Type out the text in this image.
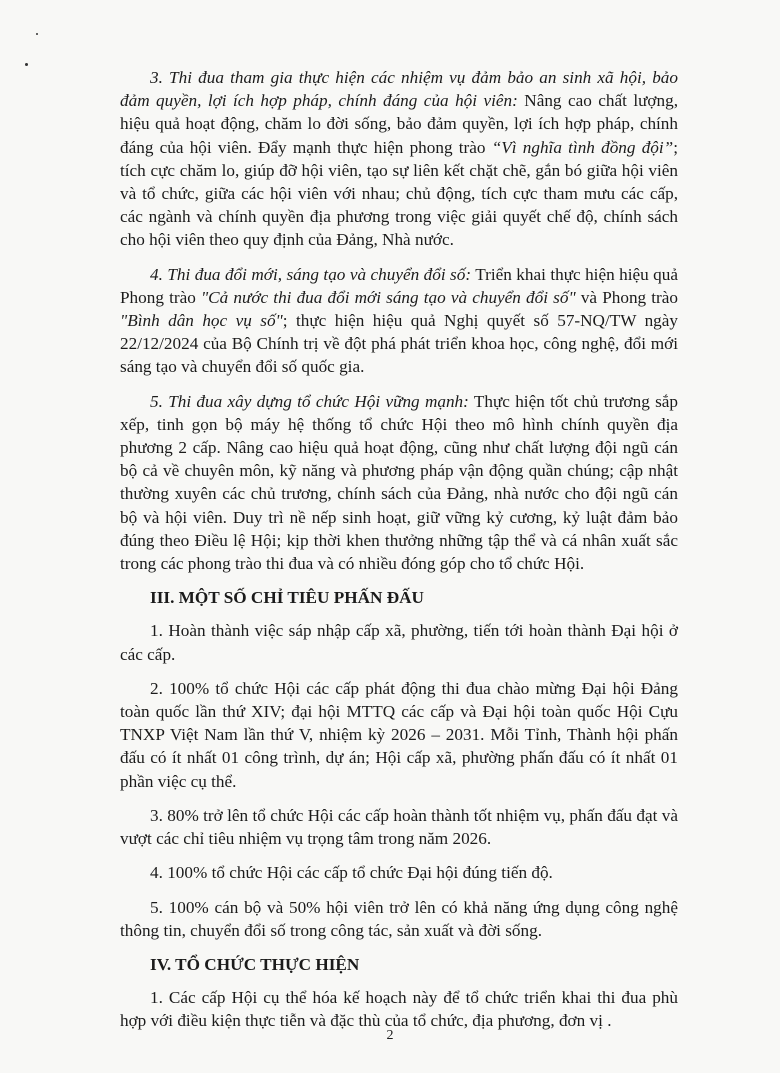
3. Thi đua tham gia thực hiện các nhiệm vụ đảm bảo an sinh xã hội, bảo đảm quyền, lợi ích hợp pháp, chính đáng của hội viên: Nâng cao chất lượng, hiệu quả hoạt động, chăm lo đời sống, bảo đảm quyền, lợi ích hợp pháp, chính đáng của hội viên. Đẩy mạnh thực hiện phong trào “Vì nghĩa tình đồng đội”; tích cực chăm lo, giúp đỡ hội viên, tạo sự liên kết chặt chẽ, gắn bó giữa hội viên và tổ chức, giữa các hội viên với nhau; chủ động, tích cực tham mưu các cấp, các ngành và chính quyền địa phương trong việc giải quyết chế độ, chính sách cho hội viên theo quy định của Đảng, Nhà nước.

4. Thi đua đổi mới, sáng tạo và chuyển đổi số: Triển khai thực hiện hiệu quả Phong trào "Cả nước thi đua đổi mới sáng tạo và chuyển đổi số" và Phong trào "Bình dân học vụ số"; thực hiện hiệu quả Nghị quyết số 57-NQ/TW ngày 22/12/2024 của Bộ Chính trị về đột phá phát triển khoa học, công nghệ, đổi mới sáng tạo và chuyển đổi số quốc gia.

5. Thi đua xây dựng tổ chức Hội vững mạnh: Thực hiện tốt chủ trương sắp xếp, tinh gọn bộ máy hệ thống tổ chức Hội theo mô hình chính quyền địa phương 2 cấp. Nâng cao hiệu quả hoạt động, cũng như chất lượng đội ngũ cán bộ cả về chuyên môn, kỹ năng và phương pháp vận động quần chúng; cập nhật thường xuyên các chủ trương, chính sách của Đảng, nhà nước cho đội ngũ cán bộ và hội viên. Duy trì nề nếp sinh hoạt, giữ vững kỷ cương, kỷ luật đảm bảo đúng theo Điều lệ Hội; kịp thời khen thưởng những tập thể và cá nhân xuất sắc trong các phong trào thi đua và có nhiều đóng góp cho tổ chức Hội.

III. MỘT SỐ CHỈ TIÊU PHẤN ĐẤU

1. Hoàn thành việc sáp nhập cấp xã, phường, tiến tới hoàn thành Đại hội ở các cấp.

2. 100% tổ chức Hội các cấp phát động thi đua chào mừng Đại hội Đảng toàn quốc lần thứ XIV; đại hội MTTQ các cấp và Đại hội toàn quốc Hội Cựu TNXP Việt Nam lần thứ V, nhiệm kỳ 2026 – 2031. Mỗi Tỉnh, Thành hội phấn đấu có ít nhất 01 công trình, dự án; Hội cấp xã, phường phấn đấu có ít nhất 01 phần việc cụ thể.

3. 80% trở lên tổ chức Hội các cấp hoàn thành tốt nhiệm vụ, phấn đấu đạt và vượt các chỉ tiêu nhiệm vụ trọng tâm trong năm 2026.

4. 100% tổ chức Hội các cấp tổ chức Đại hội đúng tiến độ.

5. 100% cán bộ và 50% hội viên trở lên có khả năng ứng dụng công nghệ thông tin, chuyển đổi số trong công tác, sản xuất và đời sống.

IV. TỔ CHỨC THỰC HIỆN

1. Các cấp Hội cụ thể hóa kế hoạch này để tổ chức triển khai thi đua phù hợp với điều kiện thực tiễn và đặc thù của tổ chức, địa phương, đơn vị .

2
